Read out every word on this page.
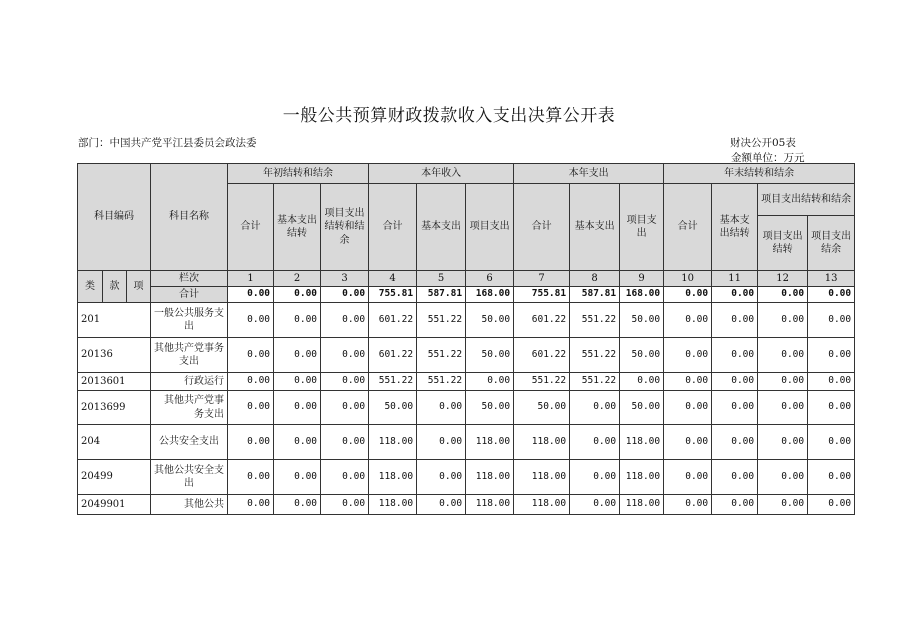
一般公共预算财政拨款收入支出决算公开表
部门：中国共产党平江县委员会政法委	财决公开05表
金额单位：万元
科目编码			科目名称	年初结转和结余			本年收入			本年支出			年末结转和结余			
				合计	基本支出结转	项目支出结转和结余	合计	基本支出	项目支出	合计	基本支出	项目支出	合计	基本支出结转	项目支出结转和结余	
															项目支出结转	项目支出结余
类	款	项	栏次	1	2	3	4	5	6	7	8	9	10	11	12	13
			合计	0.00	0.00	0.00	755.81	587.81	168.00	755.81	587.81	168.00	0.00	0.00	0.00	0.00
201			一般公共服务支出	0.00	0.00	0.00	601.22	551.22	50.00	601.22	551.22	50.00	0.00	0.00	0.00	0.00
20136			其他共产党事务支出	0.00	0.00	0.00	601.22	551.22	50.00	601.22	551.22	50.00	0.00	0.00	0.00	0.00
2013601			行政运行	0.00	0.00	0.00	551.22	551.22	0.00	551.22	551.22	0.00	0.00	0.00	0.00	0.00
2013699			其他共产党事务支出	0.00	0.00	0.00	50.00	0.00	50.00	50.00	0.00	50.00	0.00	0.00	0.00	0.00
204			公共安全支出	0.00	0.00	0.00	118.00	0.00	118.00	118.00	0.00	118.00	0.00	0.00	0.00	0.00
20499			其他公共安全支出	0.00	0.00	0.00	118.00	0.00	118.00	118.00	0.00	118.00	0.00	0.00	0.00	0.00
2049901			其他公共	0.00	0.00	0.00	118.00	0.00	118.00	118.00	0.00	118.00	0.00	0.00	0.00	0.00
